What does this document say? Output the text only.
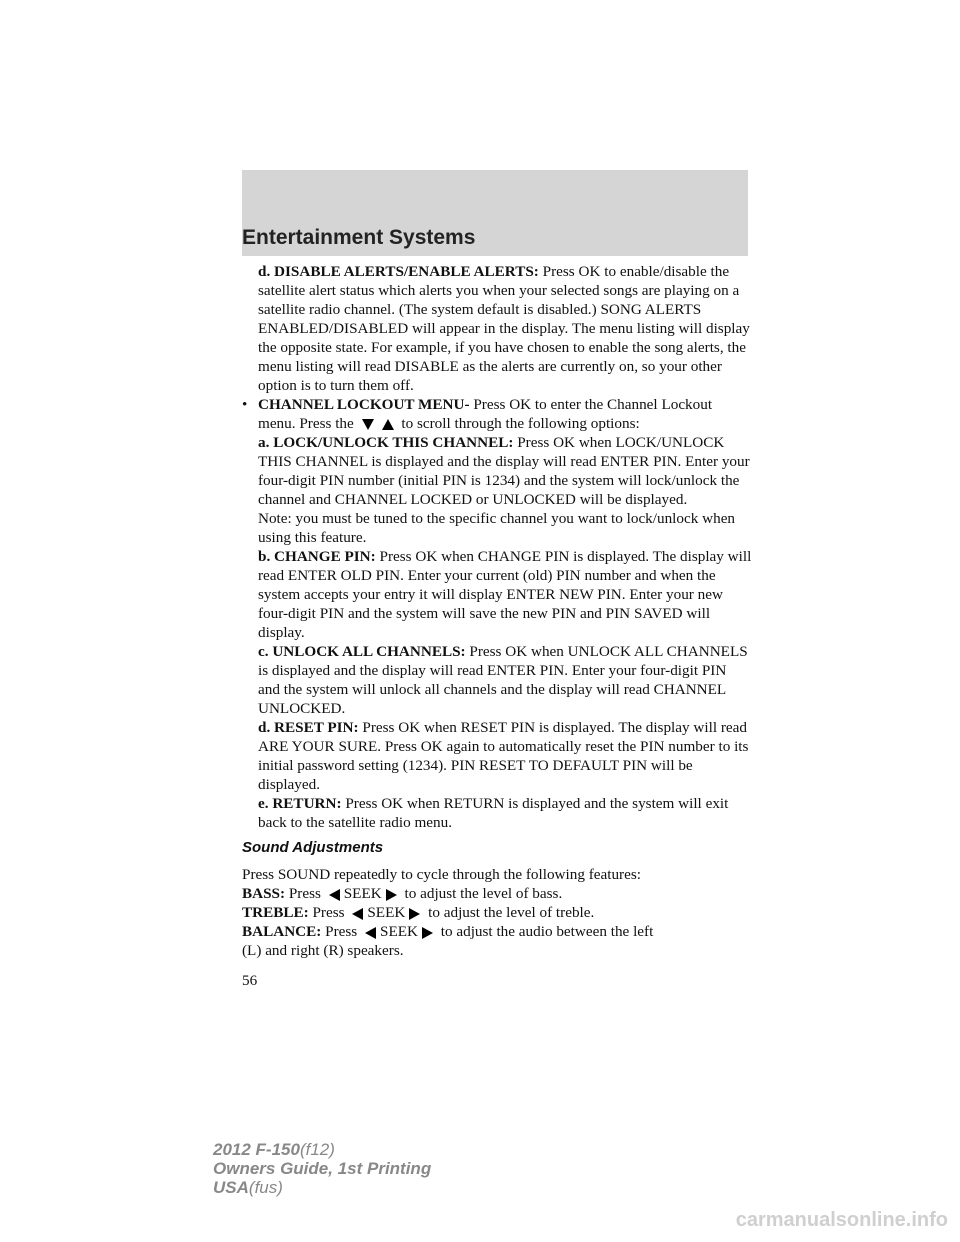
Entertainment Systems

d. DISABLE ALERTS/ENABLE ALERTS: Press OK to enable/disable the satellite alert status which alerts you when your selected songs are playing on a satellite radio channel. (The system default is disabled.) SONG ALERTS ENABLED/DISABLED will appear in the display. The menu listing will display the opposite state. For example, if you have chosen to enable the song alerts, the menu listing will read DISABLE as the alerts are currently on, so your other option is to turn them off.

• CHANNEL LOCKOUT MENU- Press OK to enter the Channel Lockout menu. Press the	to scroll through the following options:

a. LOCK/UNLOCK THIS CHANNEL: Press OK when LOCK/UNLOCK THIS CHANNEL is displayed and the display will read ENTER PIN. Enter your four-digit PIN number (initial PIN is 1234) and the system will lock/unlock the channel and CHANNEL LOCKED or UNLOCKED will be displayed.

Note: you must be tuned to the specific channel you want to lock/unlock when using this feature.

b. CHANGE PIN: Press OK when CHANGE PIN is displayed. The display will read ENTER OLD PIN. Enter your current (old) PIN number and when the system accepts your entry it will display ENTER NEW PIN. Enter your new four-digit PIN and the system will save the new PIN and PIN SAVED will display.

c. UNLOCK ALL CHANNELS: Press OK when UNLOCK ALL CHANNELS is displayed and the display will read ENTER PIN. Enter your four-digit PIN and the system will unlock all channels and the display will read CHANNEL UNLOCKED.

d. RESET PIN: Press OK when RESET PIN is displayed. The display will read ARE YOUR SURE. Press OK again to automatically reset the PIN number to its initial password setting (1234). PIN RESET TO DEFAULT PIN will be displayed.

e. RETURN: Press OK when RETURN is displayed and the system will exit back to the satellite radio menu.

Sound Adjustments

Press SOUND repeatedly to cycle through the following features:

BASS: Press SEEK to adjust the level of bass.

TREBLE: Press SEEK to adjust the level of treble.

BALANCE: Press SEEK to adjust the audio between the left

(L) and right (R) speakers.

56
2012 F-150(f12)
Owners Guide, 1st Printing
USA(fus)
carmanualsonline.info
